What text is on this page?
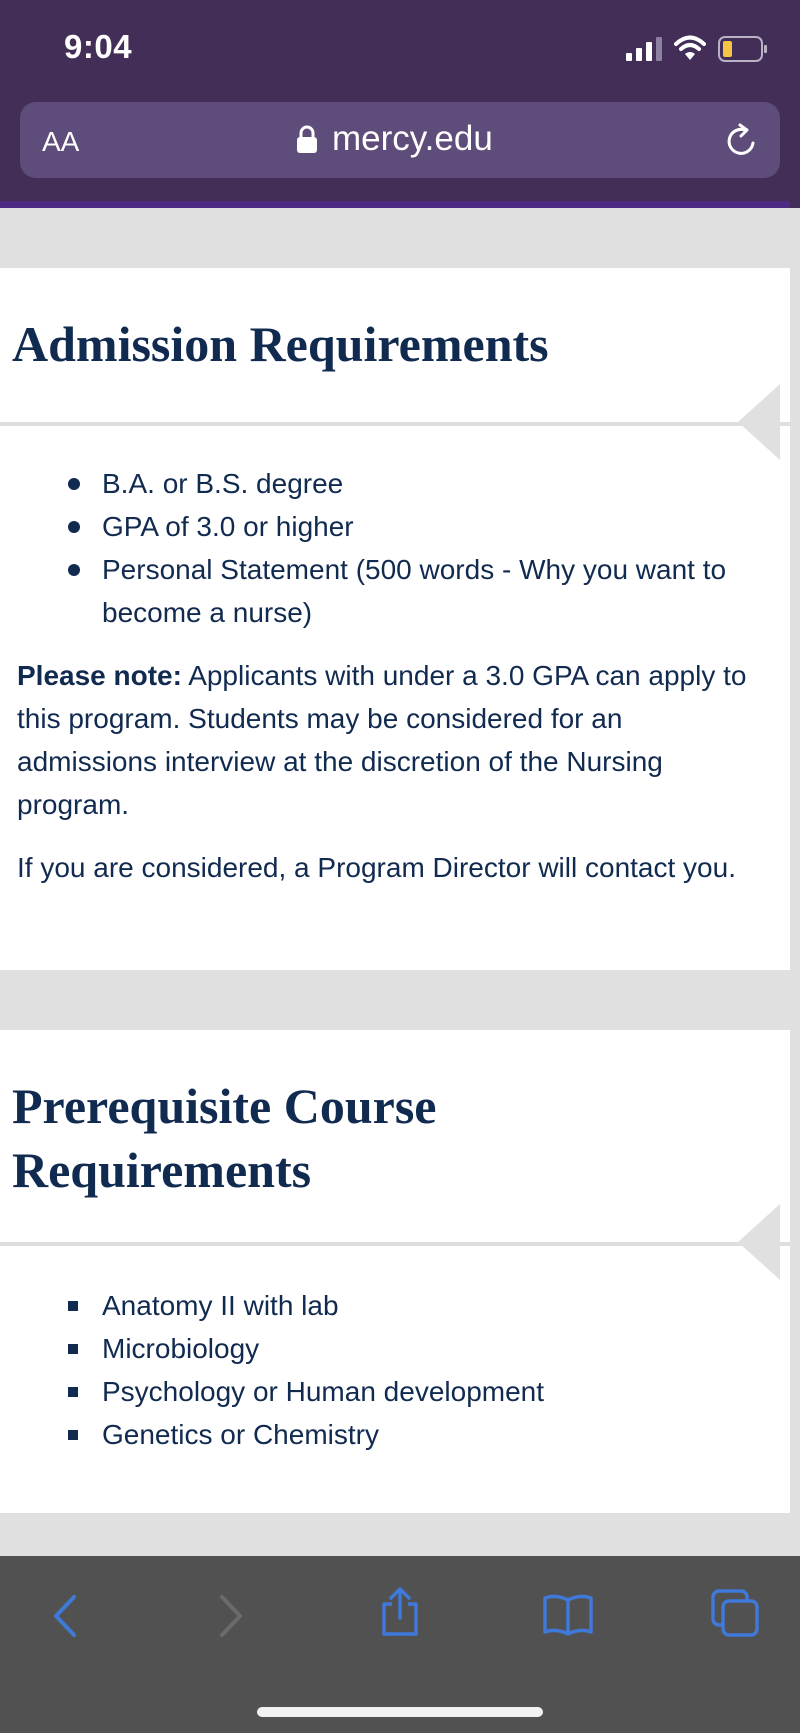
9:04
AA	mercy.edu
Admission Requirements
B.A. or B.S. degree
GPA of 3.0 or higher
Personal Statement (500 words - Why you want to become a nurse)

Please note: Applicants with under a 3.0 GPA can apply to this program. Students may be considered for an admissions interview at the discretion of the Nursing program.

If you are considered, a Program Director will contact you.

Prerequisite Course Requirements
Anatomy II with lab
Microbiology
Psychology or Human development
Genetics or Chemistry
